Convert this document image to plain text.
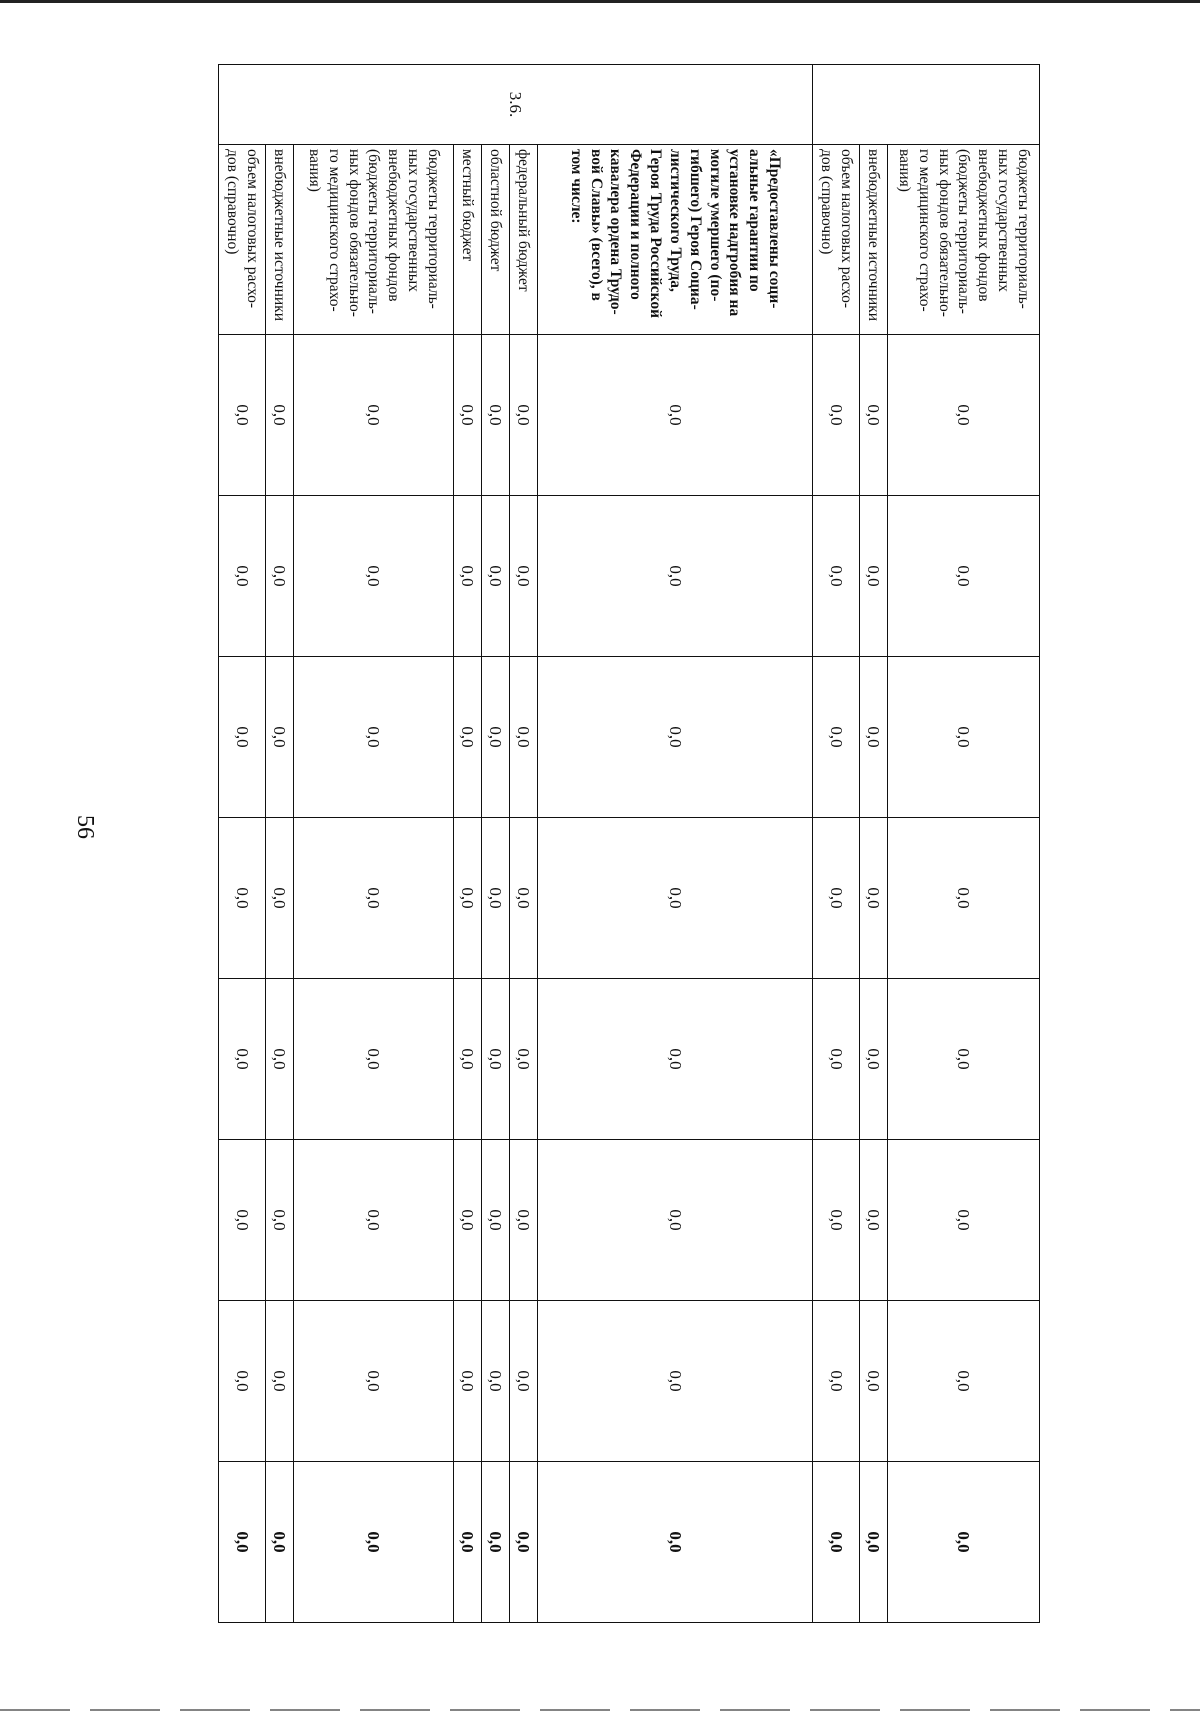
56
	бюджеты территориаль-ных государственных внебюджетных фондов (бюджеты территориаль-ных фондов обязательно-го медицинского страхо-вания)	0,0	0,0	0,0	0,0	0,0	0,0	0,0	0,0
	внебюджетные источники	0,0	0,0	0,0	0,0	0,0	0,0	0,0	0,0
	объем налоговых расхо-дов (справочно)	0,0	0,0	0,0	0,0	0,0	0,0	0,0	0,0
3.6.	«Предоставлены соци-альные гарантии по установке надгробия на могиле умершего (по-гибшего) Героя Социа-листического Труда, Героя Труда Российской Федерации и полного кавалера ордена Трудо-вой Славы» (всего), в том числе:	0,0	0,0	0,0	0,0	0,0	0,0	0,0	0,0
	федеральный бюджет	0,0	0,0	0,0	0,0	0,0	0,0	0,0	0,0
	областной бюджет	0,0	0,0	0,0	0,0	0,0	0,0	0,0	0,0
	местный бюджет	0,0	0,0	0,0	0,0	0,0	0,0	0,0	0,0
	бюджеты территориаль-ных государственных внебюджетных фондов (бюджеты территориаль-ных фондов обязательно-го медицинского страхо-вания)	0,0	0,0	0,0	0,0	0,0	0,0	0,0	0,0
	внебюджетные источники	0,0	0,0	0,0	0,0	0,0	0,0	0,0	0,0
	объем налоговых расхо-дов (справочно)	0,0	0,0	0,0	0,0	0,0	0,0	0,0	0,0
